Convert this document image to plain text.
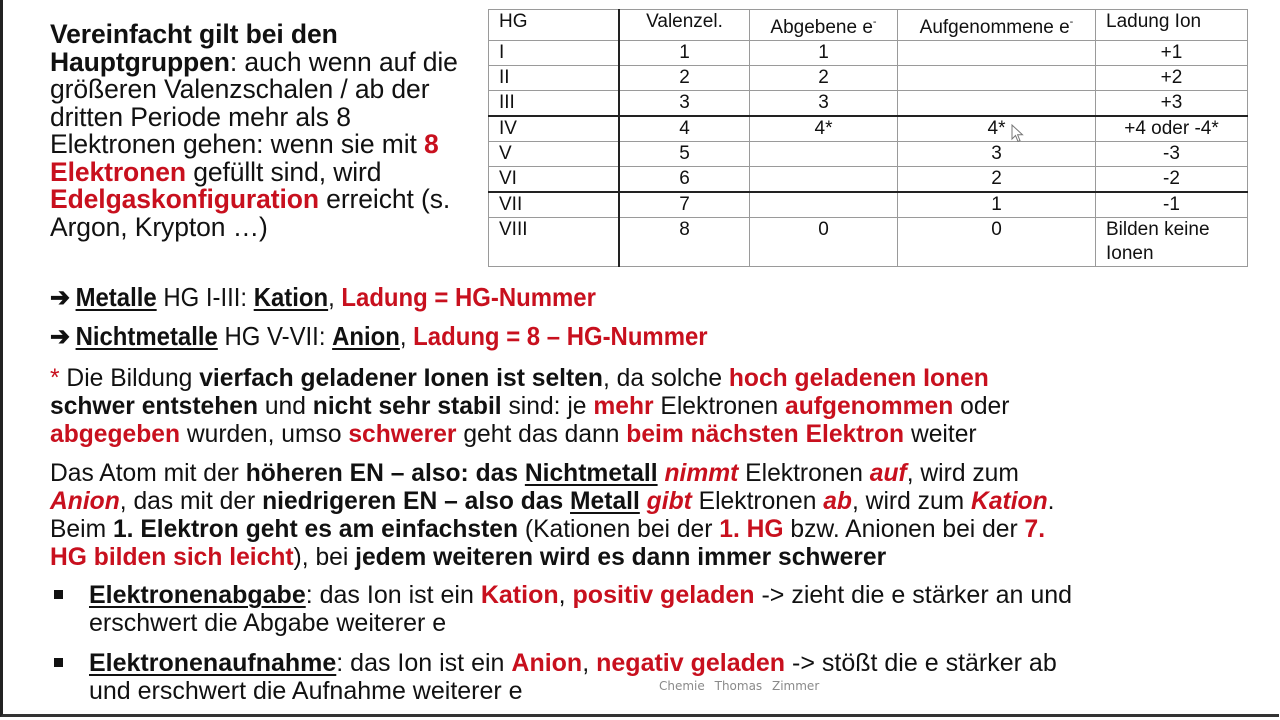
Vereinfacht gilt bei den Hauptgruppen: auch wenn auf die größeren Valenzschalen / ab der dritten Periode mehr als 8 Elektronen gehen: wenn sie mit 8 Elektronen gefüllt sind, wird Edelgaskonfiguration erreicht (s. Argon, Krypton …)
HG	Valenzel.	Abgebene e-	Aufgenommene e-	Ladung Ion
I	1	1		+1
II	2	2		+2
III	3	3		+3
IV	4	4*	4*	+4 oder -4*
V	5		3	-3
VI	6		2	-2
VII	7		1	-1
VIII	8	0	0	Bilden keine Ionen
➔ Metalle HG I-III: Kation, Ladung = HG-Nummer
➔ Nichtmetalle HG V-VII: Anion, Ladung = 8 – HG-Nummer
* Die Bildung vierfach geladener Ionen ist selten, da solche hoch geladenen Ionen
schwer entstehen und nicht sehr stabil sind: je mehr Elektronen aufgenommen oder
abgegeben wurden, umso schwerer geht das dann beim nächsten Elektron weiter
Das Atom mit der höheren EN – also: das Nichtmetall nimmt Elektronen auf, wird zum
Anion, das mit der niedrigeren EN – also das Metall gibt Elektronen ab, wird zum Kation.
Beim 1. Elektron geht es am einfachsten (Kationen bei der 1. HG bzw. Anionen bei der 7.
HG bilden sich leicht), bei jedem weiteren wird es dann immer schwerer
Elektronenabgabe: das Ion ist ein Kation, positiv geladen -> zieht die e stärker an und
erschwert die Abgabe weiterer e
Elektronenaufnahme: das Ion ist ein Anion, negativ geladen -> stößt die e stärker ab
und erschwert die Aufnahme weiterer e	Chemie Thomas Zimmer
